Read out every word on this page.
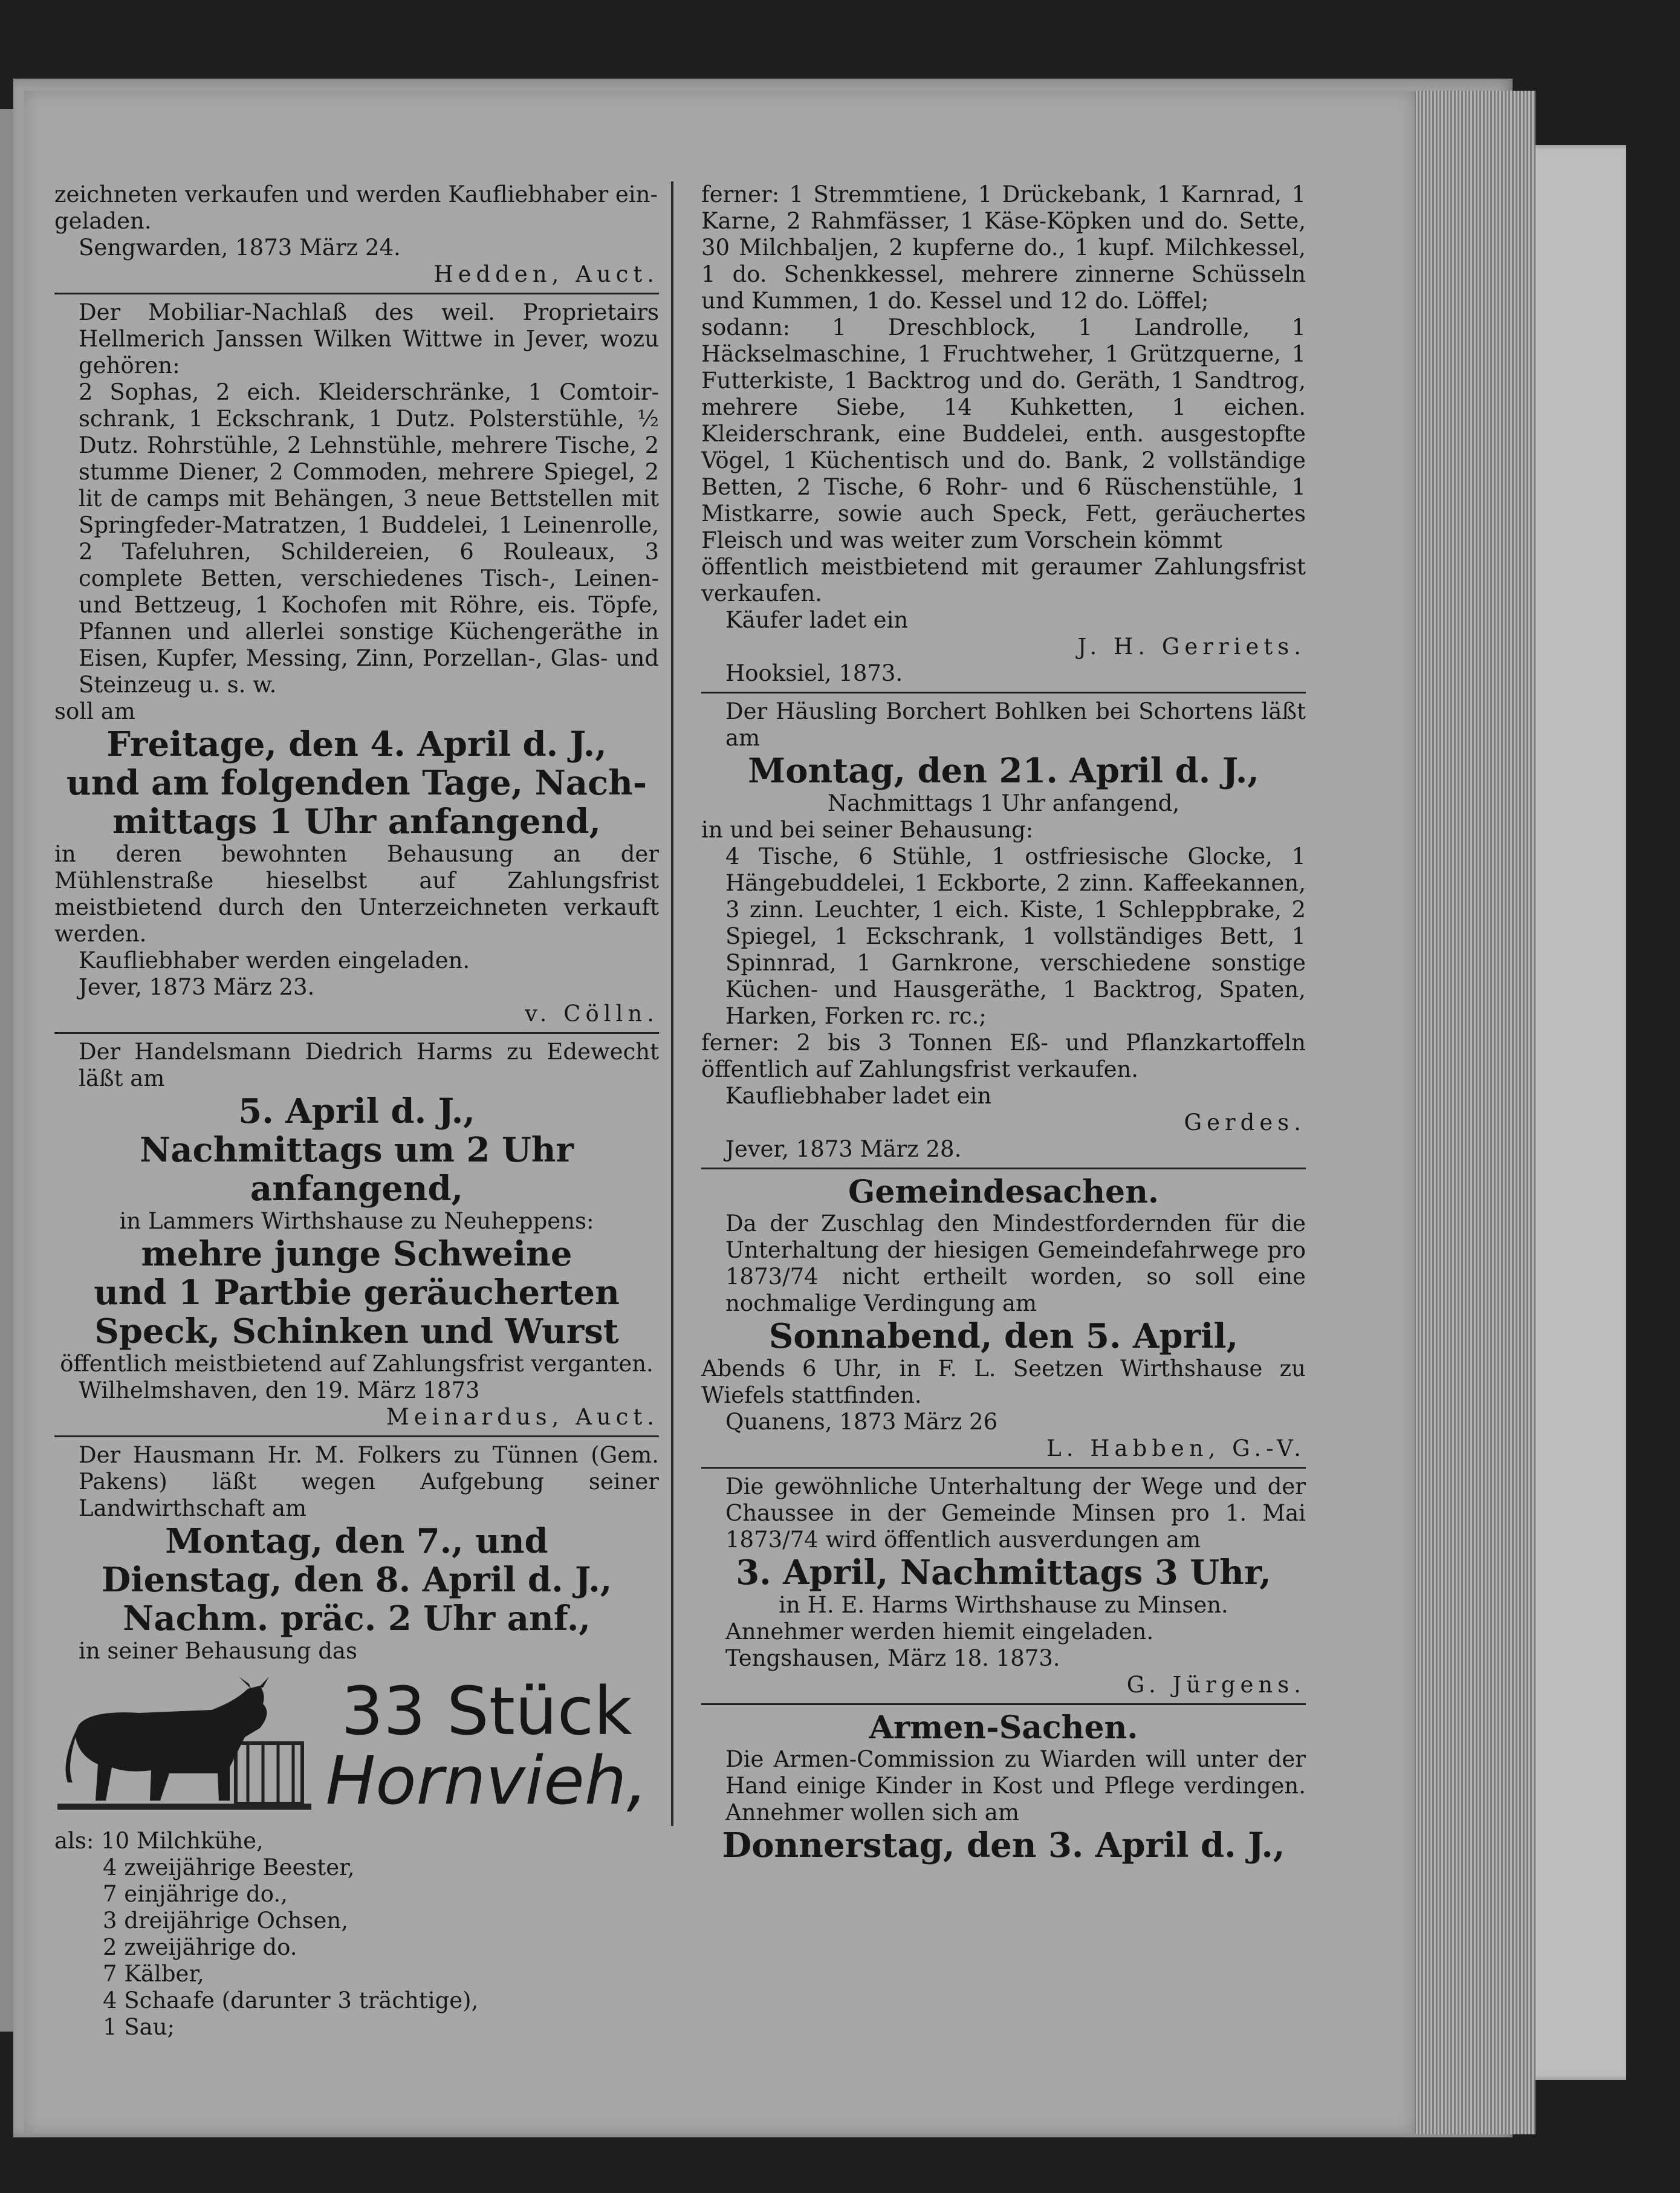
zeichneten verkaufen und werden Kaufliebhaber ein-

geladen.

Sengwarden, 1873 März 24.

Hedden, Auct.

Der Mobiliar-Nachlaß des weil. Proprietairs Hellmerich Janssen Wilken Wittwe in Jever, wozu gehören:

2 Sophas, 2 eich. Kleiderschränke, 1 Comtoir-schrank, 1 Eckschrank, 1 Dutz. Polsterstühle, ½ Dutz. Rohrstühle, 2 Lehnstühle, mehrere Tische, 2 stumme Diener, 2 Commoden, mehrere Spiegel, 2 lit de camps mit Behängen, 3 neue Bettstellen mit Springfeder-Matratzen, 1 Buddelei, 1 Leinenrolle, 2 Tafeluhren, Schildereien, 6 Rouleaux, 3 complete Betten, verschiedenes Tisch-, Leinen- und Bettzeug, 1 Kochofen mit Röhre, eis. Töpfe, Pfannen und allerlei sonstige Küchengeräthe in Eisen, Kupfer, Messing, Zinn, Porzellan-, Glas- und Steinzeug u. s. w.

soll am

Freitage, den 4. April d. J.,

und am folgenden Tage, Nach-

mittags 1 Uhr anfangend,

in deren bewohnten Behausung an der Mühlenstraße hieselbst auf Zahlungsfrist meistbietend durch den Unterzeichneten verkauft werden.

Kaufliebhaber werden eingeladen.

Jever, 1873 März 23.

v. Cölln.

Der Handelsmann Diedrich Harms zu Edewecht läßt am

5. April d. J.,

Nachmittags um 2 Uhr anfangend,

in Lammers Wirthshause zu Neuheppens:

mehre junge Schweine

und 1 Partbie geräucherten

Speck, Schinken und Wurst

öffentlich meistbietend auf Zahlungsfrist verganten.

Wilhelmshaven, den 19. März 1873

Meinardus, Auct.

Der Hausmann Hr. M. Folkers zu Tünnen (Gem. Pakens) läßt wegen Aufgebung seiner Landwirthschaft am

Montag, den 7., und

Dienstag, den 8. April d. J.,

Nachm. präc. 2 Uhr anf.,

in seiner Behausung das

33 Stück
Hornvieh,

als: 10 Milchkühe,

4 zweijährige Beester,

7 einjährige do.,

3 dreijährige Ochsen,

2 zweijährige do.

7 Kälber,

4 Schaafe (darunter 3 trächtige),

1 Sau;

ferner: 1 Stremmtiene, 1 Drückebank, 1 Karnrad, 1 Karne, 2 Rahmfässer, 1 Käse-Köpken und do. Sette, 30 Milchbaljen, 2 kupferne do., 1 kupf. Milchkessel, 1 do. Schenkkessel, mehrere zinnerne Schüsseln und Kummen, 1 do. Kessel und 12 do. Löffel;

sodann: 1 Dreschblock, 1 Landrolle, 1 Häckselmaschine, 1 Fruchtweher, 1 Grützquerne, 1 Futterkiste, 1 Backtrog und do. Geräth, 1 Sandtrog, mehrere Siebe, 14 Kuhketten, 1 eichen. Kleiderschrank, eine Buddelei, enth. ausgestopfte Vögel, 1 Küchentisch und do. Bank, 2 vollständige Betten, 2 Tische, 6 Rohr- und 6 Rüschenstühle, 1 Mistkarre, sowie auch Speck, Fett, geräuchertes Fleisch und was weiter zum Vorschein kömmt

öffentlich meistbietend mit geraumer Zahlungsfrist verkaufen.

Käufer ladet ein

J. H. Gerriets.

Hooksiel, 1873.

Der Häusling Borchert Bohlken bei Schortens läßt am

Montag, den 21. April d. J.,

Nachmittags 1 Uhr anfangend,

in und bei seiner Behausung:

4 Tische, 6 Stühle, 1 ostfriesische Glocke, 1 Hängebuddelei, 1 Eckborte, 2 zinn. Kaffeekannen, 3 zinn. Leuchter, 1 eich. Kiste, 1 Schleppbrake, 2 Spiegel, 1 Eckschrank, 1 vollständiges Bett, 1 Spinnrad, 1 Garnkrone, verschiedene sonstige Küchen- und Hausgeräthe, 1 Backtrog, Spaten, Harken, Forken rc. rc.;

ferner: 2 bis 3 Tonnen Eß- und Pflanzkartoffeln öffentlich auf Zahlungsfrist verkaufen.

Kaufliebhaber ladet ein

Gerdes.

Jever, 1873 März 28.

Gemeindesachen.

Da der Zuschlag den Mindestfordernden für die Unterhaltung der hiesigen Gemeindefahrwege pro 1873/74 nicht ertheilt worden, so soll eine nochmalige Verdingung am

Sonnabend, den 5. April,

Abends 6 Uhr, in F. L. Seetzen Wirthshause zu Wiefels stattfinden.

Quanens, 1873 März 26

L. Habben, G.-V.

Die gewöhnliche Unterhaltung der Wege und der Chaussee in der Gemeinde Minsen pro 1. Mai 1873/74 wird öffentlich ausverdungen am

3. April, Nachmittags 3 Uhr,

in H. E. Harms Wirthshause zu Minsen.

Annehmer werden hiemit eingeladen.

Tengshausen, März 18. 1873.

G. Jürgens.

Armen-Sachen.

Die Armen-Commission zu Wiarden will unter der Hand einige Kinder in Kost und Pflege verdingen. Annehmer wollen sich am

Donnerstag, den 3. April d. J.,
